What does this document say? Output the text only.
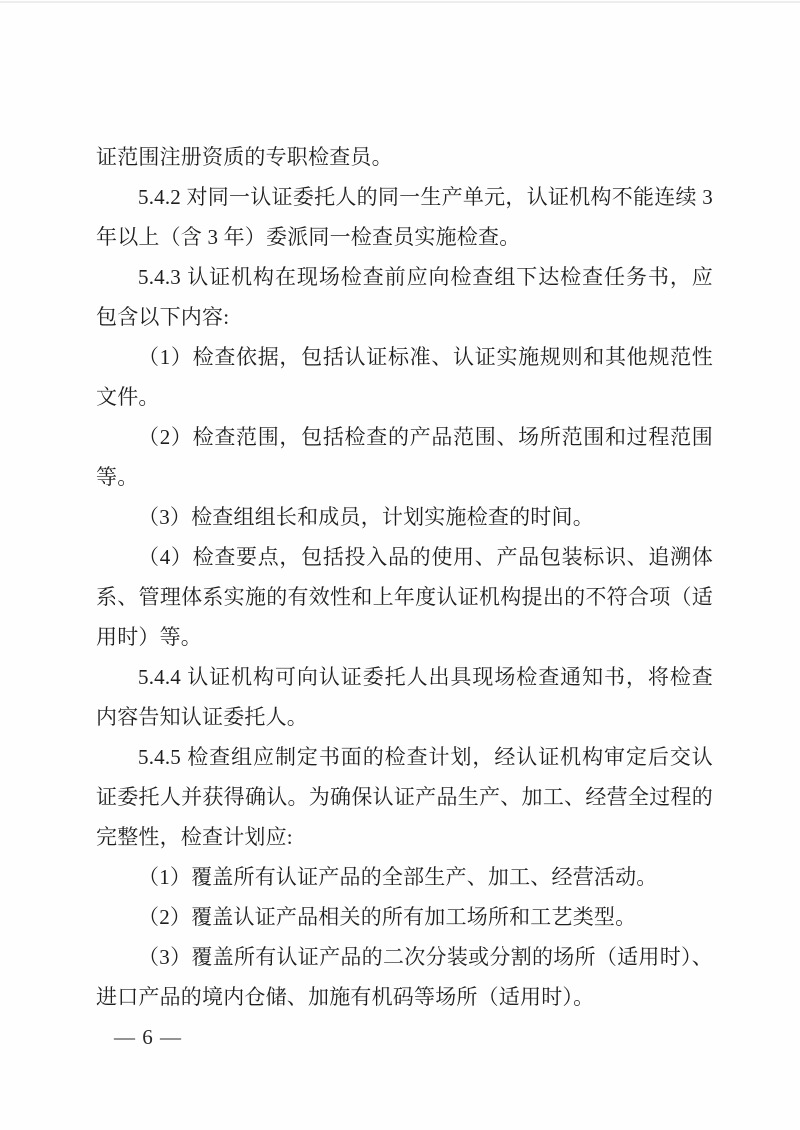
证范围注册资质的专职检查员。

5.4.2 对同一认证委托人的同一生产单元，认证机构不能连续 3 年以上（含 3 年）委派同一检查员实施检查。

5.4.3 认证机构在现场检查前应向检查组下达检查任务书，应包含以下内容:

（1）检查依据，包括认证标准、认证实施规则和其他规范性文件。

（2）检查范围，包括检查的产品范围、场所范围和过程范围等。

（3）检查组组长和成员，计划实施检查的时间。

（4）检查要点，包括投入品的使用、产品包装标识、追溯体系、管理体系实施的有效性和上年度认证机构提出的不符合项（适用时）等。

5.4.4 认证机构可向认证委托人出具现场检查通知书，将检查内容告知认证委托人。

5.4.5 检查组应制定书面的检查计划，经认证机构审定后交认证委托人并获得确认。为确保认证产品生产、加工、经营全过程的完整性，检查计划应:

（1）覆盖所有认证产品的全部生产、加工、经营活动。

（2）覆盖认证产品相关的所有加工场所和工艺类型。

（3）覆盖所有认证产品的二次分装或分割的场所（适用时）、进口产品的境内仓储、加施有机码等场所（适用时）。

— 6 —
